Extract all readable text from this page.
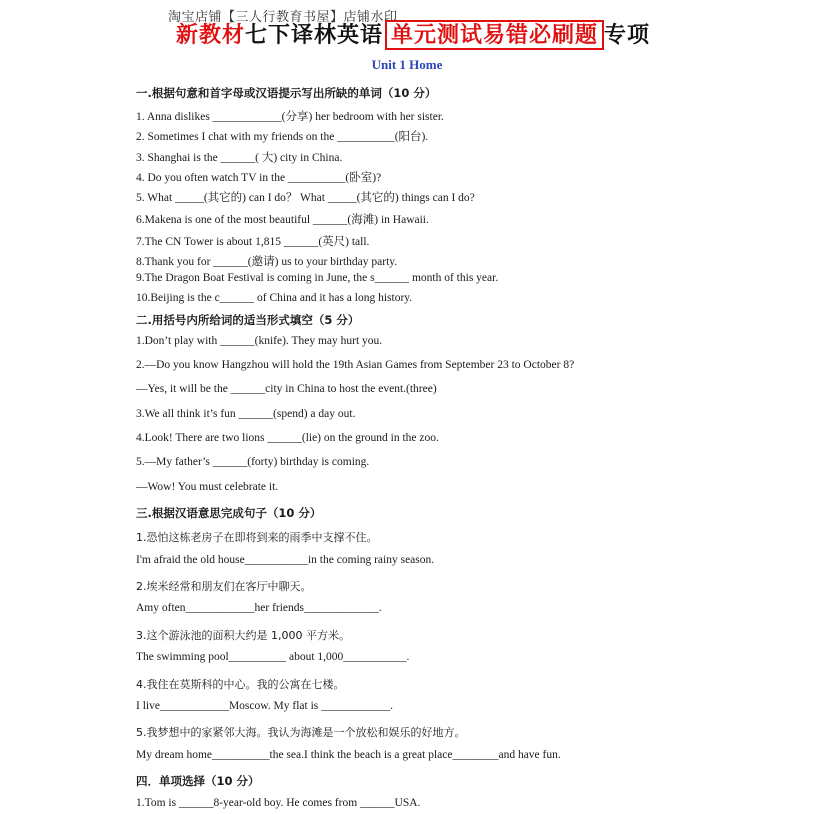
淘宝店铺【三人行教育书屋】店铺水印
新教材七下译林英语 单元测试易错必刷题 专项
Unit 1 Home
一.根据句意和首字母或汉语提示写出所缺的单词（10 分）
1. Anna dislikes ____________(分享) her bedroom with her sister.
2. Sometimes I chat with my friends on the __________(阳台).
3. Shanghai is the ______( 大) city in China.
4. Do you often watch TV in the __________(卧室)?
5. What _____(其它的) can I do？ What _____(其它的) things can I do?
6.Makena is one of the most beautiful ______(海滩) in Hawaii.
7.The CN Tower is about 1,815 ______(英尺) tall.
8.Thank you for ______(邀请) us to your birthday party.
9.The Dragon Boat Festival is coming in June, the s______ month of this year.
10.Beijing is the c______ of China and it has a long history.
二.用括号内所给词的适当形式填空（5 分）
1.Don’t play with ______(knife). They may hurt you.
2.—Do you know Hangzhou will hold the 19th Asian Games from September 23 to October 8?
—Yes, it will be the ______city in China to host the event.(three)
3.We all think it’s fun ______(spend) a day out.
4.Look! There are two lions ______(lie) on the ground in the zoo.
5.—My father’s ______(forty) birthday is coming.
—Wow! You must celebrate it.
三.根据汉语意思完成句子（10 分）
1.恐怕这栋老房子在即将到来的雨季中支撑不住。
I'm afraid the old house___________in the coming rainy season.
2.埃米经常和朋友们在客厅中聊天。
Amy often____________her friends_____________.
3.这个游泳池的面积大约是 1,000 平方米。
The swimming pool__________ about 1,000___________.
4.我住在莫斯科的中心。我的公寓在七楼。
I live____________Moscow. My flat is ____________.
5.我梦想中的家紧邻大海。我认为海滩是一个放松和娱乐的好地方。
My dream home__________the sea.I think the beach is a great place________and have fun.
四．单项选择（10 分）
1.Tom is ______8-year-old boy. He comes from ______USA.
